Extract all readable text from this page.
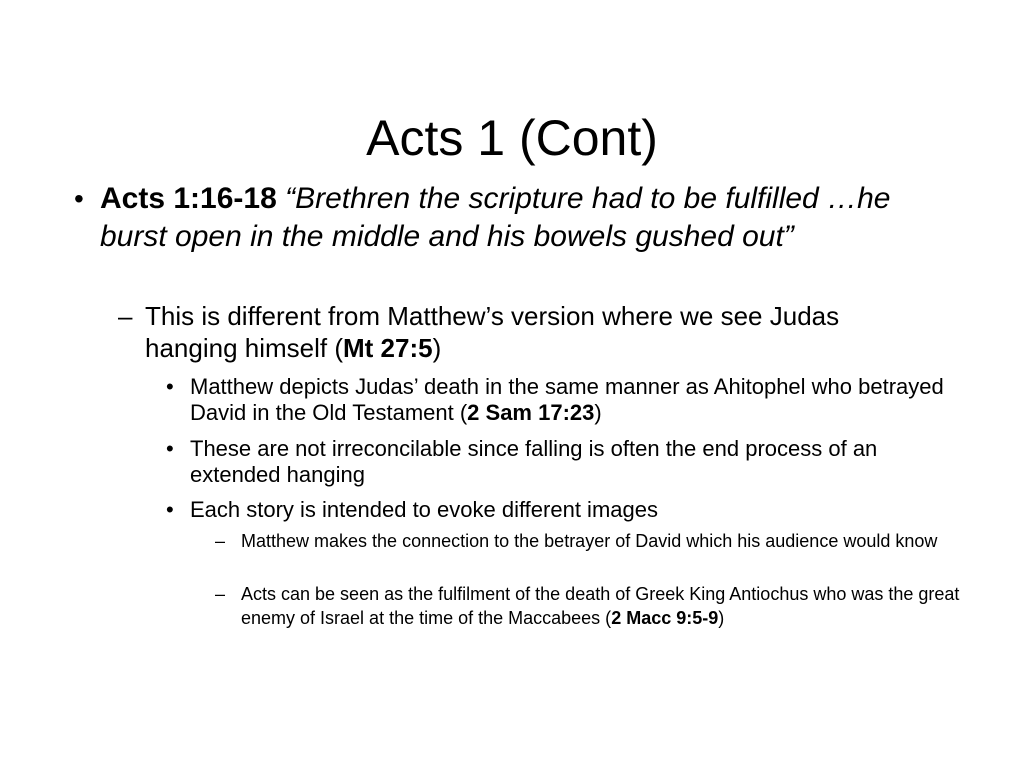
Acts 1 (Cont)
• Acts 1:16-18 “Brethren the scripture had to be fulfilled …he burst open in the middle and his bowels gushed out”
– This is different from Matthew’s version where we see Judas hanging himself (Mt 27:5)
• Matthew depicts Judas’ death in the same manner as Ahitophel who betrayed David in the Old Testament (2 Sam 17:23)
• These are not irreconcilable since falling is often the end process of an extended hanging
• Each story is intended to evoke different images
– Matthew makes the connection to the betrayer of David which his audience would know
– Acts can be seen as the fulfilment of the death of Greek King Antiochus who was the great enemy of Israel at the time of the Maccabees (2 Macc 9:5-9)
